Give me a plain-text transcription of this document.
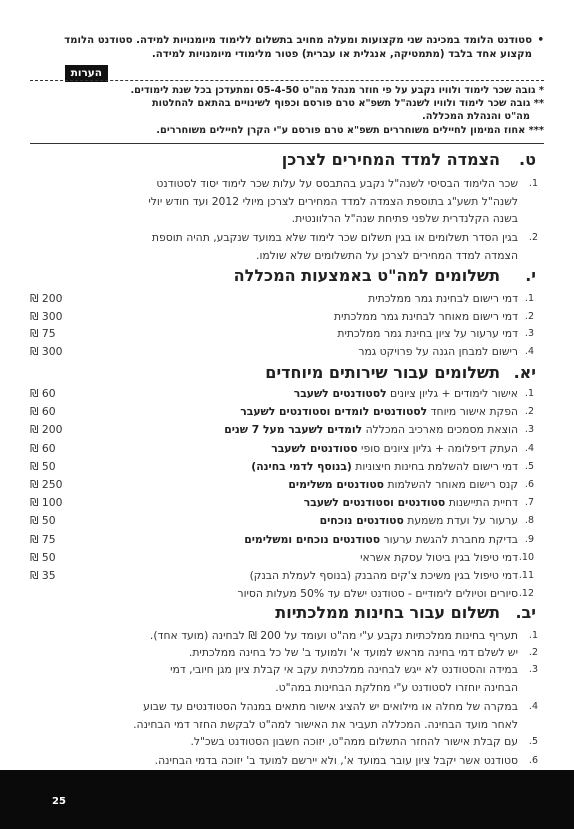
•
סטודנט הלומד במכינה שני מקצועות ומעלה מחויב בתשלום ללימוד מיומנויות למידה. סטודנט הלומד מקצוע אחד בלבד (מתמטיקה, אנגלית או עברית) פטור מלימודי מיומנויות למידה.
הערות
* גובה שכר לימוד ולוויו נקבע על פי חוזר מנהל מה"ט 05-4-50 ומתעדכן בכל שנת לימודים.
** גובה שכר לימוד ולוויו לשנה"ל תשפ"א טרם פורסם וכפוף לשינויים בהתאם להחלטות
מה"ט והנהלת המכללה.
*** אחוז המימון לחיילים משוחררים תשפ"א טרם פורסם ע"י הקרן לחיילים משוחררים.
ט.הצמדה למדד המחירים לצרכן
1.
שכר הלימוד הבסיסי לשנה"ל נקבע בהתבסס על עלות שכר לימוד יסוד לסטודנט
לשנה"ל תשע"ג בתוספת הצמדה למדד המחירים לצרכן מיולי 2012 ועד חודש יולי
בשנה הקלנדרית שלפני פתיחת שנה"ל הרלוונטית.
2.
בגין הסדר תשלומים או בגין תשלום שכר לימוד שלא במועד שנקבע, תהיה תוספת
הצמדה למדד המחירים לצרכן על התשלומים שלא שולמו.
י.תשלומים למה"ט באמצעות המכללה
1.
דמי רישום לבחינת גמר ממלכתית
200 ₪
2.
דמי רישום מאוחר לבחינת גמר ממלכתית
300 ₪
3.
דמי ערעור על ציון בחינת גמר ממלכתית
75 ₪
4.
רישום למבחן הגנה על פרויקט גמר
300 ₪
יא.תשלומים עבור שירותים מיוחדים
1.
אישור לימודים + גליון ציונים לסטודנטים לשעבר
60 ₪
2.
הפקת אישור מיוחד לסטודנטים לומדים וסטודנטים לשעבר
60 ₪
3.
הוצאת מסמכים מארכיב המכללה לומדים לשעבר מעל 7 שנים
200 ₪
4.
העתק דיפלומה + גליון ציונים סופי סטודנטים לשעבר
60 ₪
5.
דמי רישום להשלמת בחינות חיצוניות (בנוסף לדמי בחינה)
50 ₪
6.
קנס רישום מאוחר להשלמות סטודנטים משלימים
250 ₪
7.
דחיית התיישנות סטודנטים וסטודנטים לשעבר
100 ₪
8.
ערעור על ועדת משמעת סטודנטים נוכחים
50 ₪
9.
בדיקת מחברת להגשת ערעור סטודנטים נוכחים ומשלימים
75 ₪
10.
דמי טיפול בגין ביטול עסקת אשראי
50 ₪
11.
דמי טיפול בגין משיכת צ'קים מהבנק (בנוסף לעמלת הבנק)
35 ₪
12.
סיורים וטיולים לימודיים - סטודנט ישלם עד 50% מעלות הסיור
יב.תשלום עבור בחינות ממלכתיות
1.
תעריף בחינות ממלכתיות נקבע ע"י מה"ט ועומד על 200 ₪ לבחינה (מועד אחד).
2.
יש לשלם דמי בחינה מראש למועד א' ולמועד ב' של כל בחינה ממלכתית.
3.
במידה והסטודנט לא ייגש לבחינה ממלכתית עקב אי קבלת ציון מגן חיובי, דמי
הבחינה יוחזרו לסטודנט ע"י מחלקת הבחינות במה"ט.
4.
במקרה של מחלה או מילואים יש להציג אישור מתאים במנהל הסטודנטים עד שבוע
לאחר מועד הבחינה. המכללה תעביר את האישור למה"ט לבקשת החזר דמי הבחינה.
5.
עם קבלת אישור להחזר התשלום ממה"ט, יזוכה חשבון הסטודנט בשכ"ל.
6.
סטודנט אשר יקבל ציון עובר במועד א', ולא יירשם למועד ב' יזוכה בדמי הבחינה.
25
